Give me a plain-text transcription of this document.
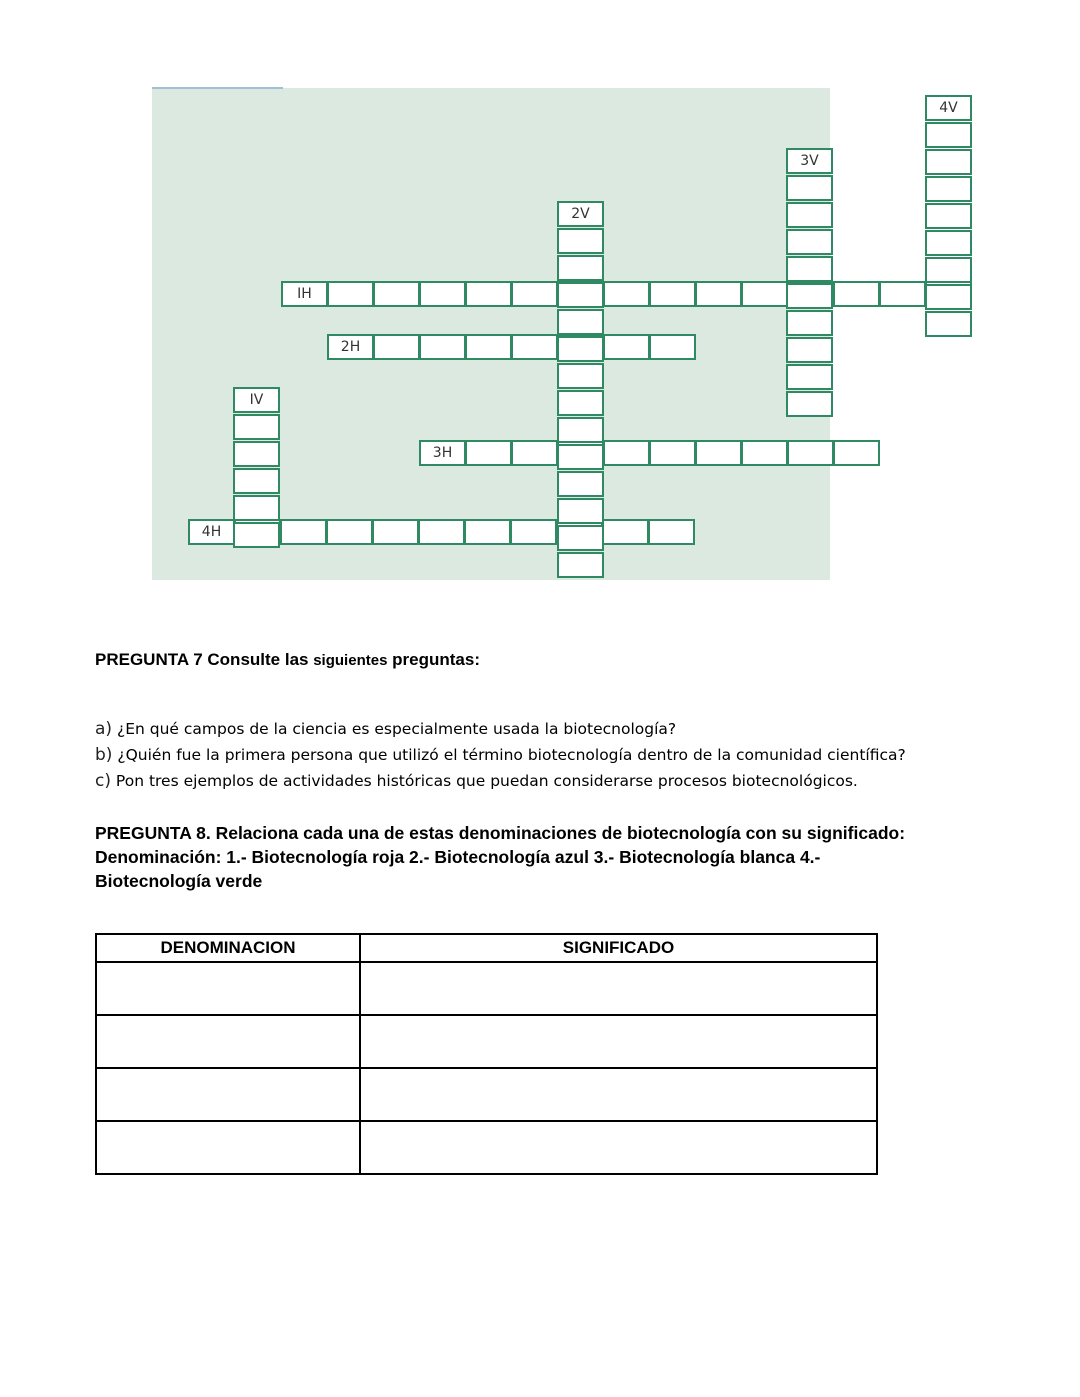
IH
2H
3H
4H
IV
2V
3V
4V
PREGUNTA 7 Consulte las siguientes preguntas:
a) ¿En qué campos de la ciencia es especialmente usada la biotecnología?
b) ¿Quién fue la primera persona que utilizó el término biotecnología dentro de la comunidad científica?
c) Pon tres ejemplos de actividades históricas que puedan considerarse procesos biotecnológicos.
PREGUNTA 8. Relaciona cada una de estas denominaciones de biotecnología con su significado:
Denominación: 1.- Biotecnología roja 2.- Biotecnología azul 3.- Biotecnología blanca 4.-
Biotecnología verde
DENOMINACION	SIGNIFICADO
